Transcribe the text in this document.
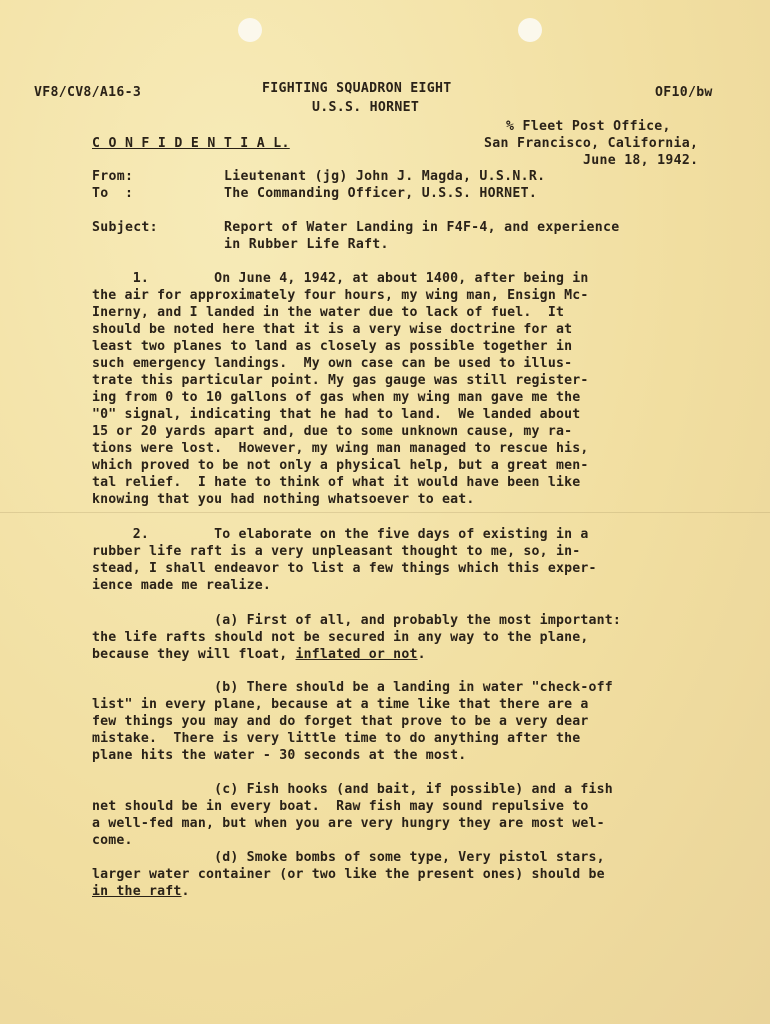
VF8/CV8/A16-3	FIGHTING SQUADRON EIGHT
U.S.S. HORNET
OF10/bw
% Fleet Post Office,
San Francisco, California,
June 18, 1942.
C O N F I D E N T I A L.
From:	Lieutenant (jg) John J. Magda, U.S.N.R.
To  :	The Commanding Officer, U.S.S. HORNET.
Subject:	Report of Water Landing in F4F-4, and experience
in Rubber Life Raft.
1.        On June 4, 1942, at about 1400, after being in
the air for approximately four hours, my wing man, Ensign Mc-
Inerny, and I landed in the water due to lack of fuel.  It
should be noted here that it is a very wise doctrine for at
least two planes to land as closely as possible together in
such emergency landings.  My own case can be used to illus-
trate this particular point. My gas gauge was still register-
ing from 0 to 10 gallons of gas when my wing man gave me the
"0" signal, indicating that he had to land.  We landed about
15 or 20 yards apart and, due to some unknown cause, my ra-
tions were lost.  However, my wing man managed to rescue his,
which proved to be not only a physical help, but a great men-
tal relief.  I hate to think of what it would have been like
knowing that you had nothing whatsoever to eat.
2.        To elaborate on the five days of existing in a
rubber life raft is a very unpleasant thought to me, so, in-
stead, I shall endeavor to list a few things which this exper-
ience made me realize.
(a) First of all, and probably the most important:
the life rafts should not be secured in any way to the plane,
because they will float, inflated or not.
(b) There should be a landing in water "check-off
list" in every plane, because at a time like that there are a
few things you may and do forget that prove to be a very dear
mistake.  There is very little time to do anything after the
plane hits the water - 30 seconds at the most.
(c) Fish hooks (and bait, if possible) and a fish
net should be in every boat.  Raw fish may sound repulsive to
a well-fed man, but when you are very hungry they are most wel-
come.
(d) Smoke bombs of some type, Very pistol stars,
larger water container (or two like the present ones) should be
in the raft.
